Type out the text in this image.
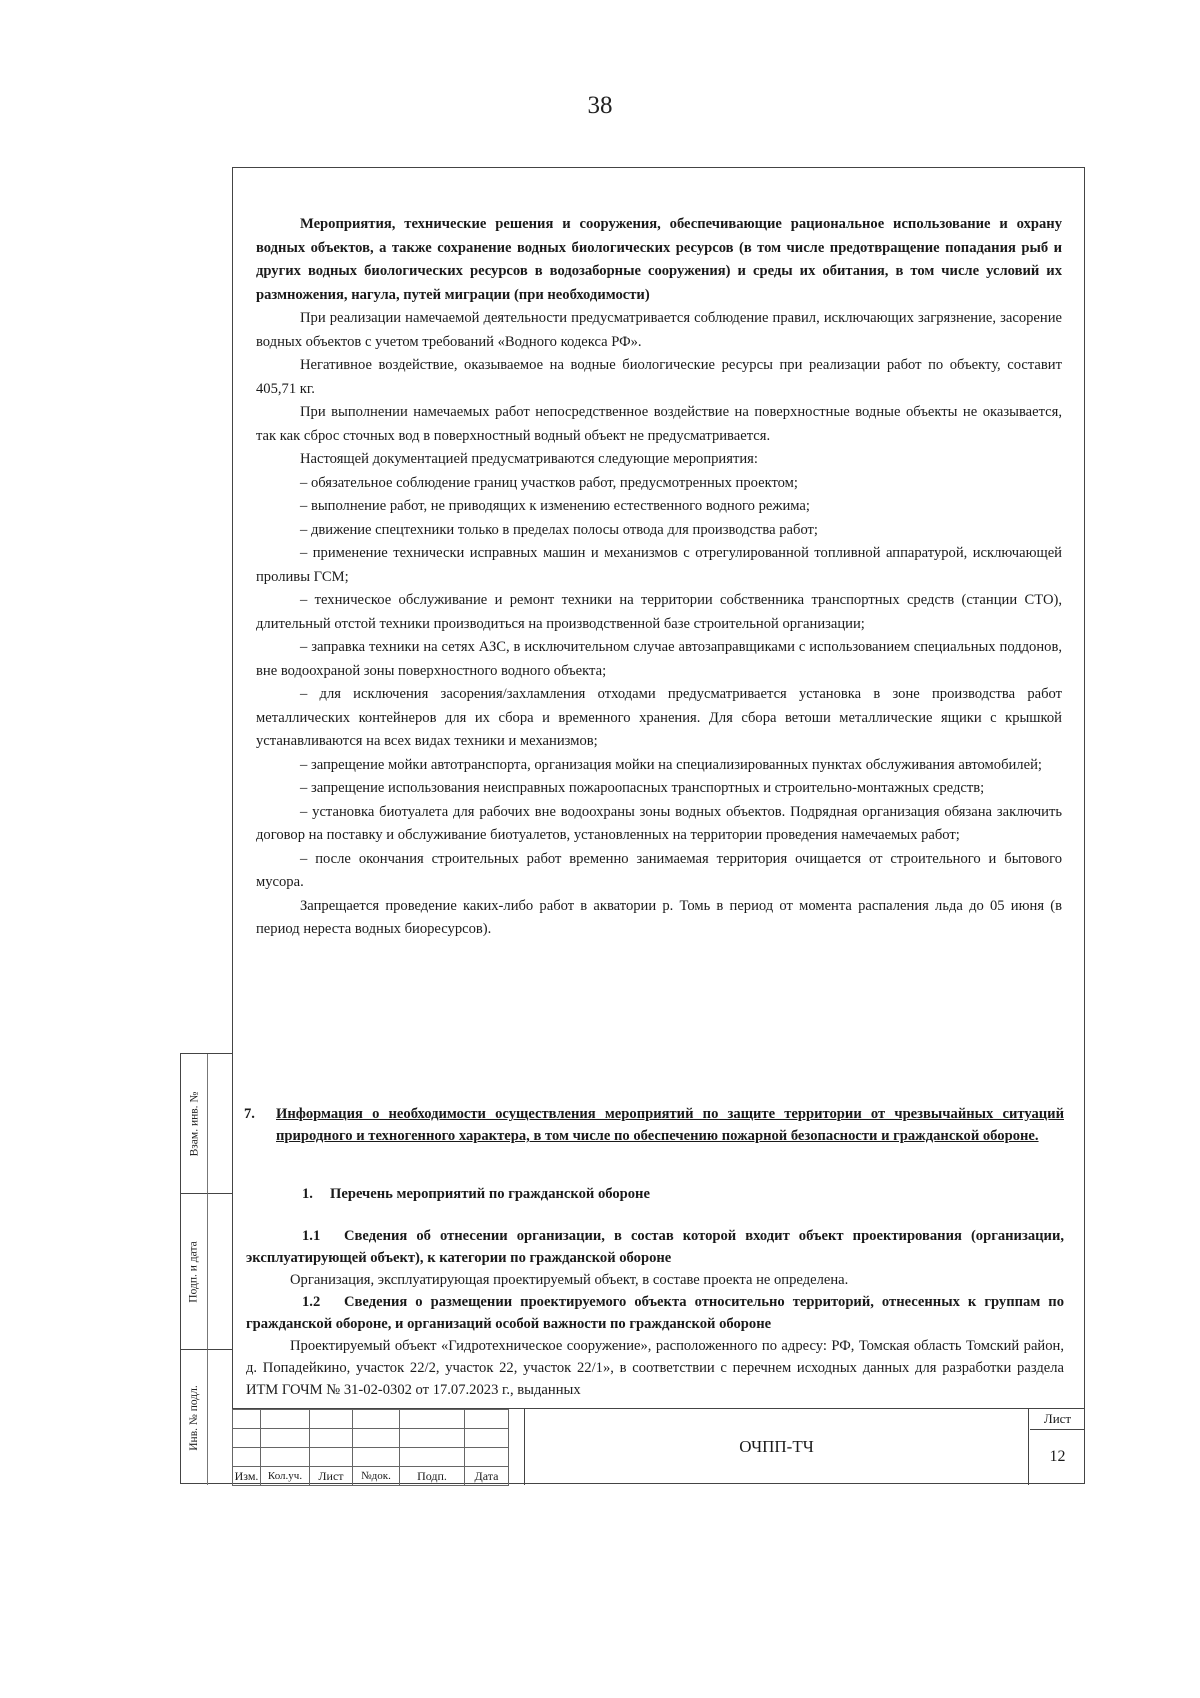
38
Взам. инв. №
Подп. и дата
Инв. № подл.

Мероприятия, технические решения и сооружения, обеспечивающие рациональное использование и охрану водных объектов, а также сохранение водных биологических ресурсов (в том числе предотвращение попадания рыб и других водных биологических ресурсов в водозаборные сооружения) и среды их обитания, в том числе условий их размножения, нагула, путей миграции (при необходимости)

При реализации намечаемой деятельности предусматривается соблюдение правил, исключающих загрязнение, засорение водных объектов с учетом требований «Водного кодекса РФ».

Негативное воздействие, оказываемое на водные биологические ресурсы при реализации работ по объекту, составит 405,71 кг.

При выполнении намечаемых работ непосредственное воздействие на поверхностные водные объекты не оказывается, так как сброс сточных вод в поверхностный водный объект не предусматривается.

Настоящей документацией предусматриваются следующие мероприятия:

– обязательное соблюдение границ участков работ, предусмотренных проектом;

– выполнение работ, не приводящих к изменению естественного водного режима;

– движение спецтехники только в пределах полосы отвода для производства работ;

– применение технически исправных машин и механизмов с отрегулированной топливной аппаратурой, исключающей проливы ГСМ;

– техническое обслуживание и ремонт техники на территории собственника транспортных средств (станции СТО), длительный отстой техники производиться на производственной базе строительной организации;

– заправка техники на сетях АЗС, в исключительном случае автозаправщиками с использованием специальных поддонов, вне водоохраной зоны поверхностного водного объекта;

– для исключения засорения/захламления отходами предусматривается установка в зоне производства работ металлических контейнеров для их сбора и временного хранения. Для сбора ветоши металлические ящики с крышкой устанавливаются на всех видах техники и механизмов;

– запрещение мойки автотранспорта, организация мойки на специализированных пунктах обслуживания автомобилей;

– запрещение использования неисправных пожароопасных транспортных и строительно-монтажных средств;

– установка биотуалета для рабочих вне водоохраны зоны водных объектов. Подрядная организация обязана заключить договор на поставку и обслуживание биотуалетов, установленных на территории проведения намечаемых работ;

– после окончания строительных работ временно занимаемая территория очищается от строительного и бытового мусора.

Запрещается проведение каких-либо работ в акватории р. Томь в период от момента распаления льда до 05 июня (в период нереста водных биоресурсов).

7. Информация о необходимости осуществления мероприятий по защите территории от чрезвычайных ситуаций природного и техногенного характера, в том числе по обеспечению пожарной безопасности и гражданской обороне.

1. Перечень мероприятий по гражданской обороне

1.1 Сведения об отнесении организации, в состав которой входит объект проектирования (организации, эксплуатирующей объект), к категории по гражданской обороне

Организация, эксплуатирующая проектируемый объект, в составе проекта не определена.

1.2 Сведения о размещении проектируемого объекта относительно территорий, отнесенных к группам по гражданской обороне, и организаций особой важности по гражданской обороне

Проектируемый объект «Гидротехническое сооружение», расположенного по адресу: РФ, Томская область Томский район, д. Попадейкино, участок 22/2, участок 22, участок 22/1», в соответствии с перечнем исходных данных для разработки раздела ИТМ ГОЧМ № 31-02-0302 от 17.07.2023 г., выданных

Изм.	Кол.уч.	Лист	№док.	Подп.	Дата
ОЧПП-ТЧ
Лист
12
